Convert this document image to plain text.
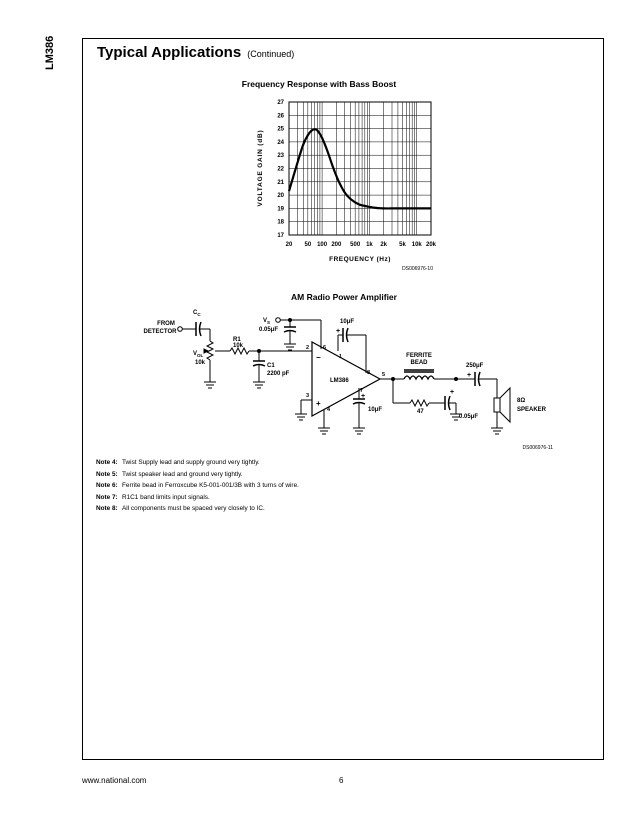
LM386	Typical Applications (Continued)
Frequency Response with Bass Boost
17
18
19
20
21
22
23
24
25
26
27
20 50 100 200 500 1k 2k 5k 10k 20k
VOLTAGE GAIN (dB)
FREQUENCY (Hz)
DS006976-10
AM Radio Power Amplifier
FROM
DETECTOR
$C_C$
$V_{OL}$
10k
R1
10k
C1
2200 pF
$V_S$
0.05μF
LM386
−
+
2
3
6
1
8 5
7
4
+
10μF
+
10μF
FERRITE
BEAD
47
+
0.05μF
+
250μF
8Ω
SPEAKER
DS006976-11
Note 4: Twist Supply lead and supply ground very tightly.
Note 5: Twist speaker lead and ground very tightly.
Note 6: Ferrite bead in Ferroxcube K5-001-001/3B with 3 turns of wire.
Note 7: R1C1 band limits input signals.
Note 8: All components must be spaced very closely to IC.
www.national.com	6
